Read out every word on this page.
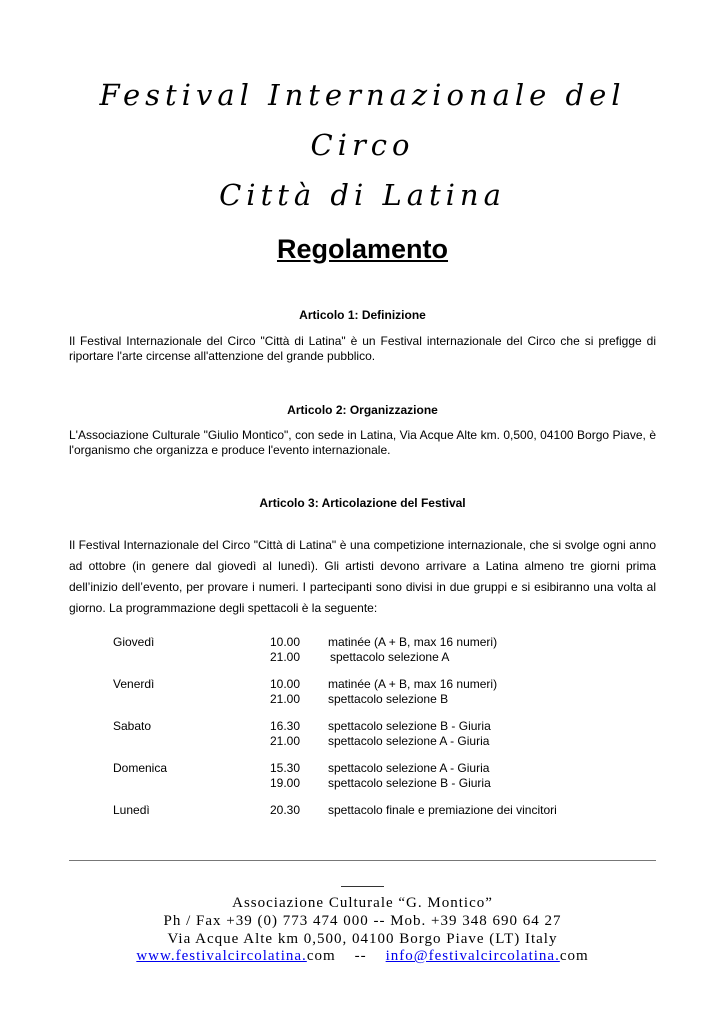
Festival Internazionale del
Circo
Città di Latina
Regolamento
Articolo 1: Definizione
Il Festival Internazionale del Circo "Città di Latina" è un Festival internazionale del Circo che si prefigge di riportare l'arte circense all'attenzione del grande pubblico.
Articolo 2: Organizzazione
L'Associazione Culturale "Giulio Montico", con sede in Latina, Via Acque Alte km. 0,500, 04100 Borgo Piave, è l'organismo che organizza e produce l'evento internazionale.
Articolo 3: Articolazione del Festival
Il Festival Internazionale del Circo "Città di Latina" è una competizione internazionale, che si svolge ogni anno ad ottobre (in genere dal giovedì al lunedì). Gli artisti devono arrivare a Latina almeno tre giorni prima dell’inizio dell’evento, per provare i numeri. I partecipanti sono divisi in due gruppi e si esibiranno una volta al giorno. La programmazione degli spettacoli è la seguente:
Giovedì	10.00 matinée (A + B, max 16 numeri)
21.00	spettacolo selezione A
Venerdì	10.00 matinée (A + B, max 16 numeri)
21.00 spettacolo selezione B
Sabato	16.30 spettacolo selezione B - Giuria
21.00 spettacolo selezione A - Giuria
Domenica	15.30 spettacolo selezione A - Giuria
19.00 spettacolo selezione B - Giuria
Lunedì	20.30 spettacolo finale e premiazione dei vincitori
Associazione Culturale “G. Montico”
Ph / Fax +39 (0) 773 474 000 -- Mob. +39 348 690 64 27
Via Acque Alte km 0,500, 04100 Borgo Piave (LT) Italy
www.festivalcircolatina.com -- info@festivalcircolatina.com
